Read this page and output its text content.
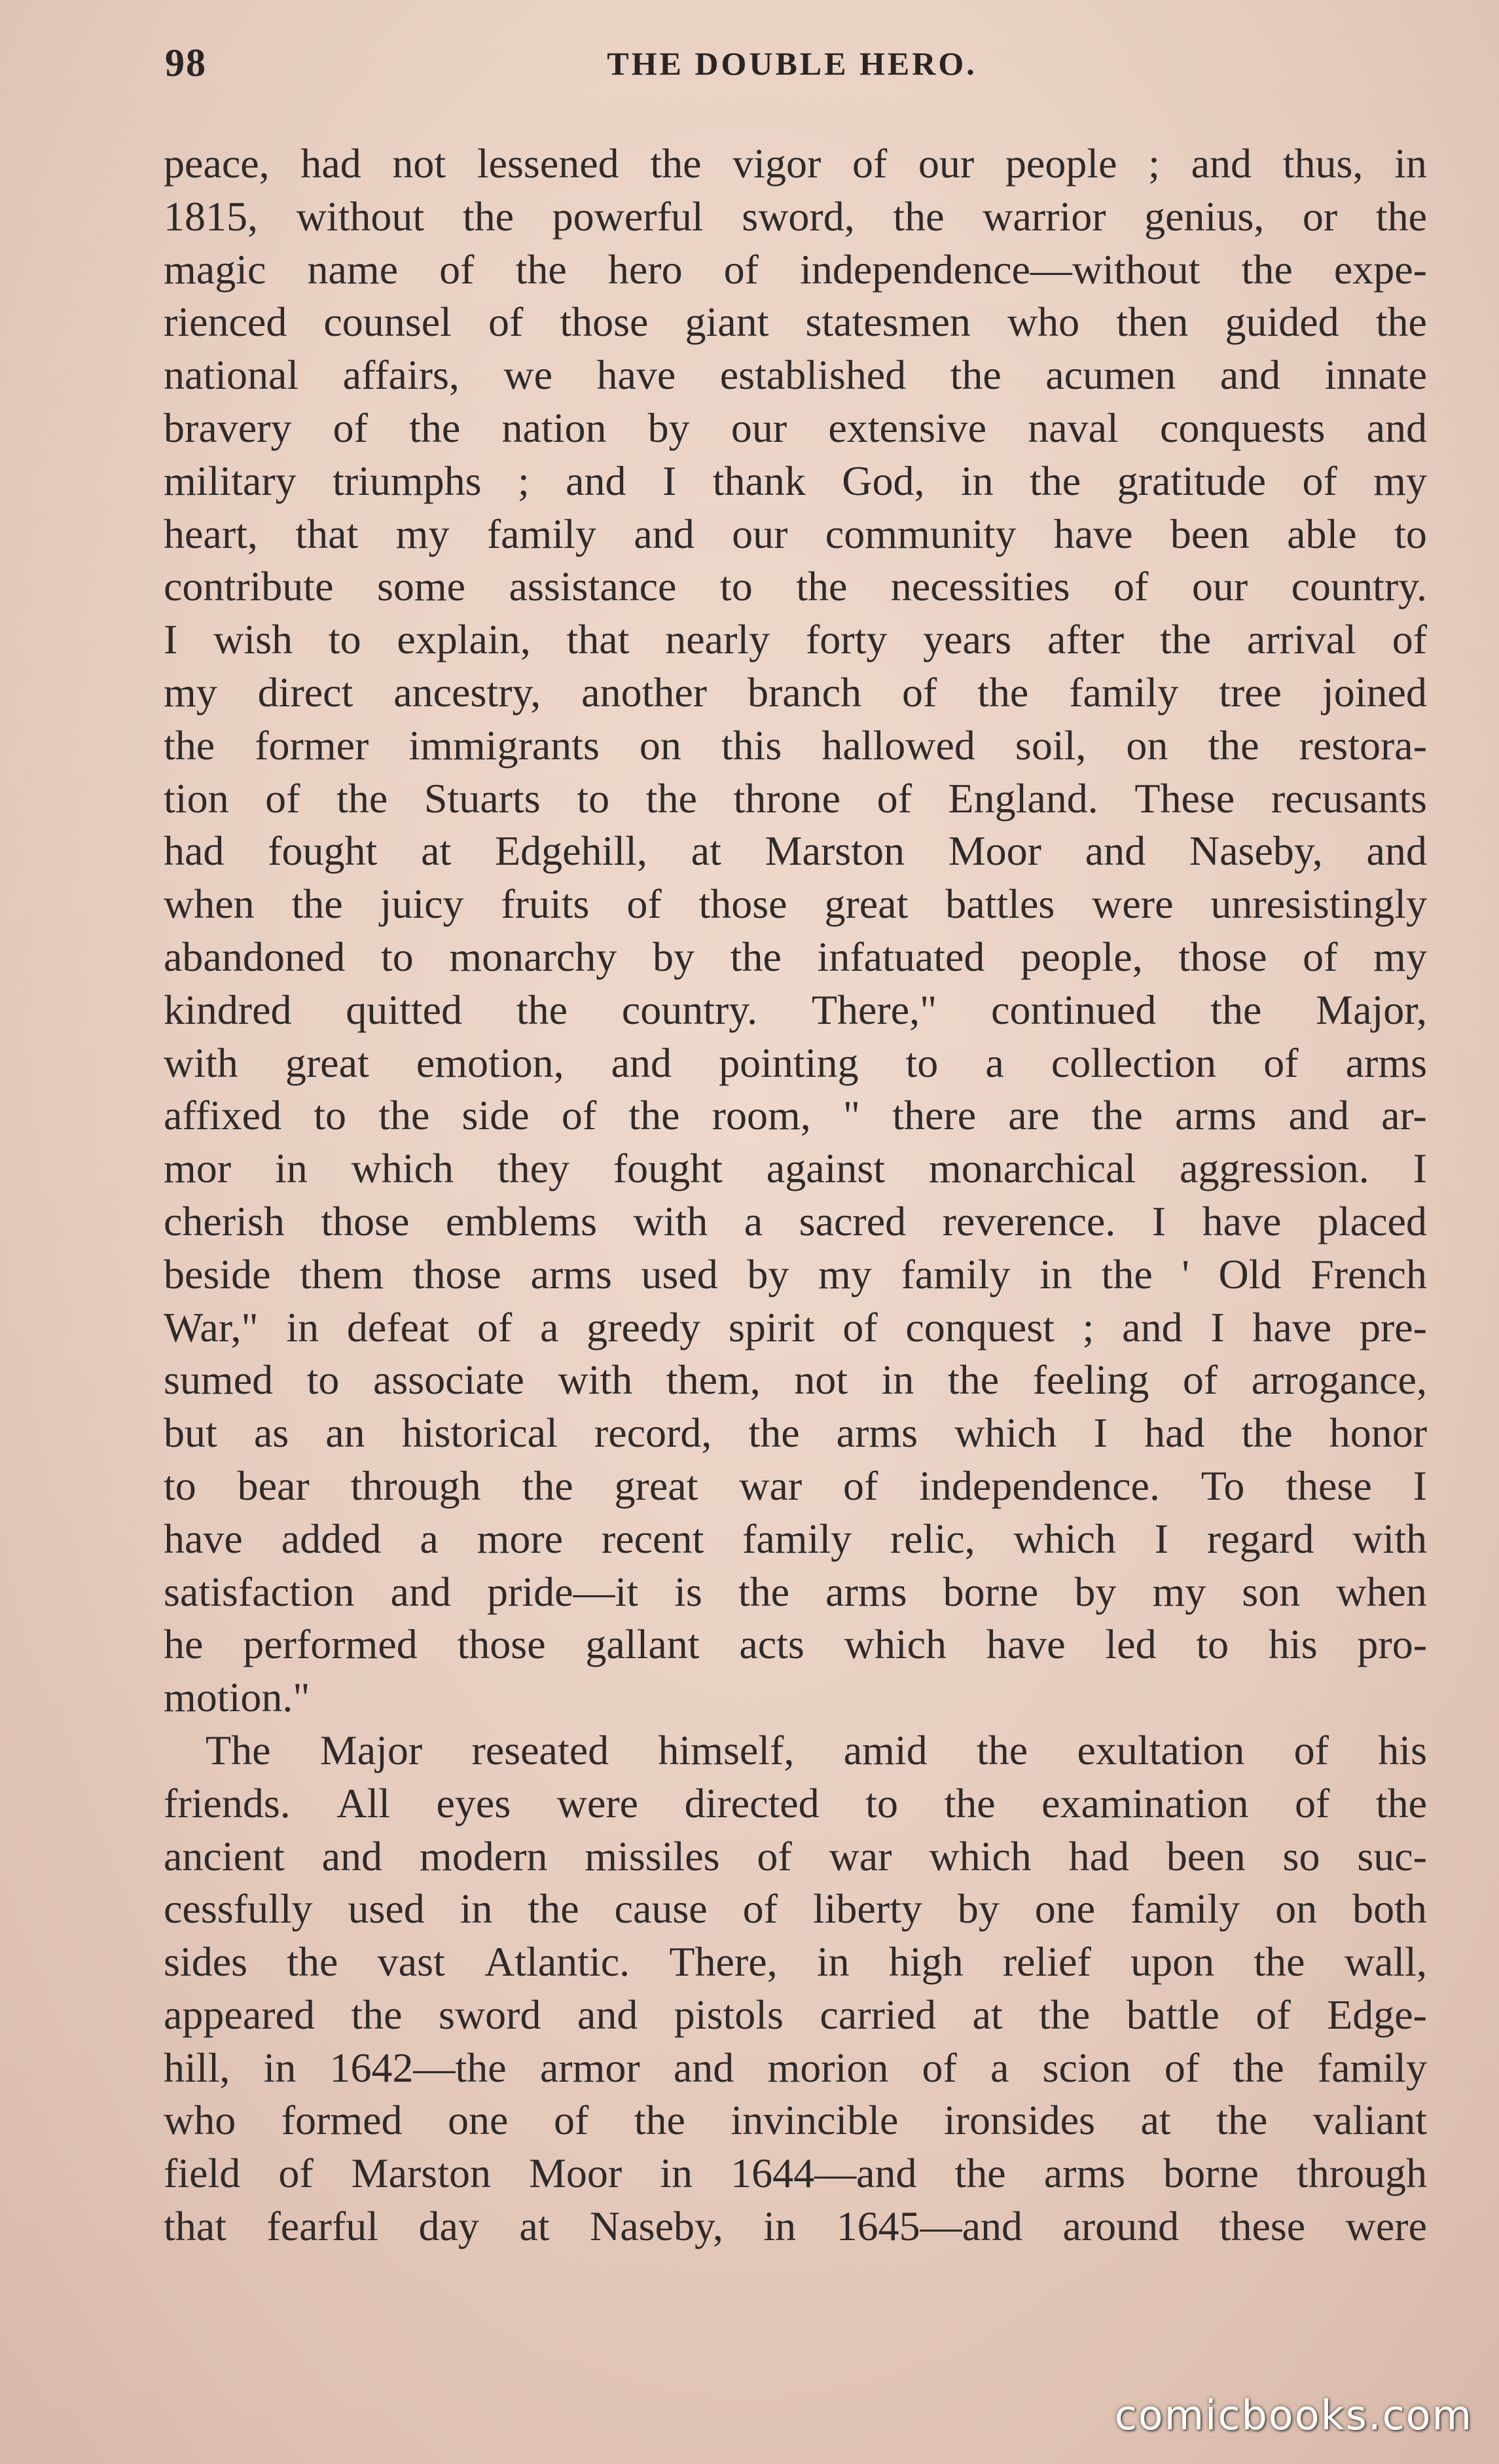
98	THE DOUBLE HERO.
peace, had not lessened the vigor of our people ; and thus, in
1815, without the powerful sword, the warrior genius, or the
magic name of the hero of independence—without the expe-
rienced counsel of those giant statesmen who then guided the
national affairs, we have established the acumen and innate
bravery of the nation by our extensive naval conquests and
military triumphs ; and I thank God, in the gratitude of my
heart, that my family and our community have been able to
contribute some assistance to the necessities of our country.
I wish to explain, that nearly forty years after the arrival of
my direct ancestry, another branch of the family tree joined
the former immigrants on this hallowed soil, on the restora-
tion of the Stuarts to the throne of England. These recusants
had fought at Edgehill, at Marston Moor and Naseby, and
when the juicy fruits of those great battles were unresistingly
abandoned to monarchy by the infatuated people, those of my
kindred quitted the country. There," continued the Major,
with great emotion, and pointing to a collection of arms
affixed to the side of the room, " there are the arms and ar-
mor in which they fought against monarchical aggression. I
cherish those emblems with a sacred reverence. I have placed
beside them those arms used by my family in the ' Old French
War," in defeat of a greedy spirit of conquest ; and I have pre-
sumed to associate with them, not in the feeling of arrogance,
but as an historical record, the arms which I had the honor
to bear through the great war of independence. To these I
have added a more recent family relic, which I regard with
satisfaction and pride—it is the arms borne by my son when
he performed those gallant acts which have led to his pro-
motion."
The Major reseated himself, amid the exultation of his
friends. All eyes were directed to the examination of the
ancient and modern missiles of war which had been so suc-
cessfully used in the cause of liberty by one family on both
sides the vast Atlantic. There, in high relief upon the wall,
appeared the sword and pistols carried at the battle of Edge-
hill, in 1642—the armor and morion of a scion of the family
who formed one of the invincible ironsides at the valiant
field of Marston Moor in 1644—and the arms borne through
that fearful day at Naseby, in 1645—and around these were
comicbooks.com
